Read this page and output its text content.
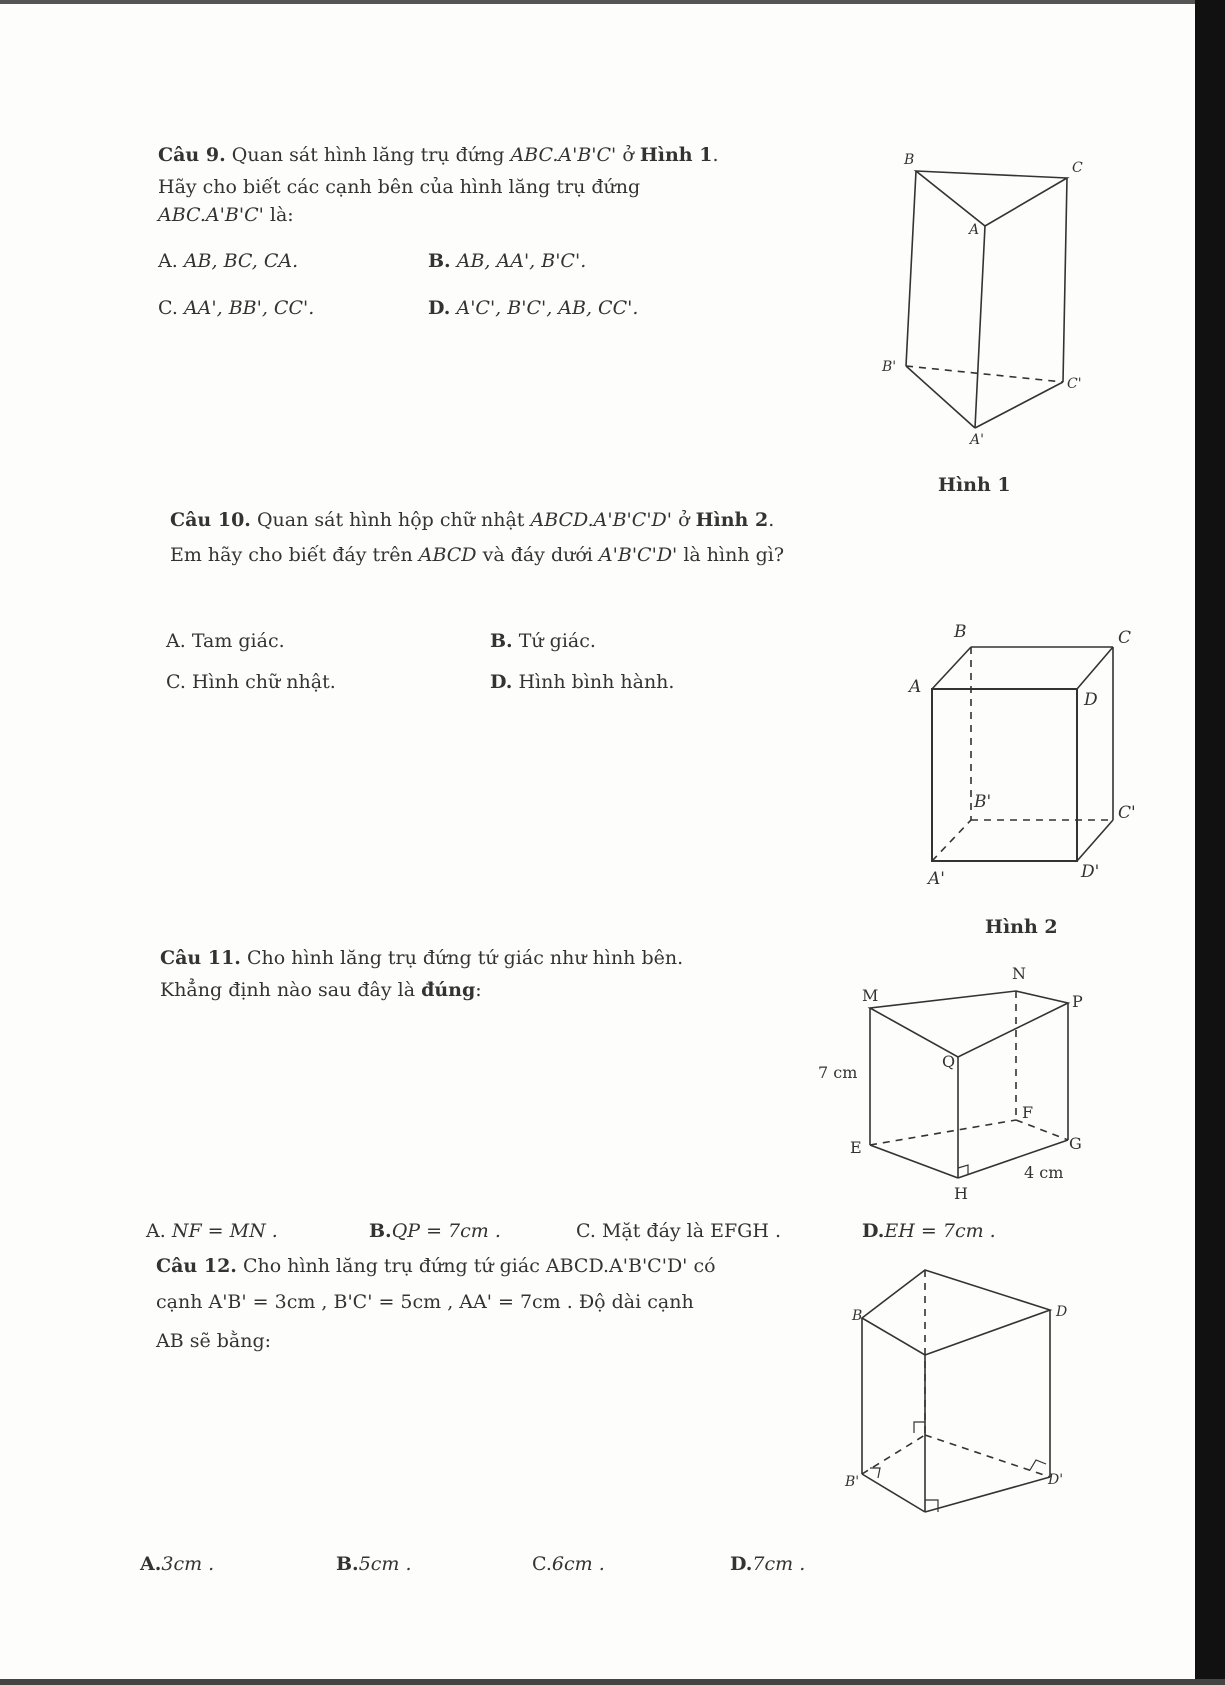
Câu 9. Quan sát hình lăng trụ đứng ABC.A'B'C' ở Hình 1.
Hãy cho biết các cạnh bên của hình lăng trụ đứng
ABC.A'B'C' là:
A. AB, BC, CA.	B. AB, AA', B'C'.
C. AA', BB', CC'.	D. A'C', B'C', AB, CC'.
B	C
A
B'
C'
A'
Hình 1
Câu 10. Quan sát hình hộp chữ nhật ABCD.A'B'C'D' ở Hình 2.
Em hãy cho biết đáy trên ABCD và đáy dưới A'B'C'D' là hình gì?
A. Tam giác.	B. Tứ giác.
C. Hình chữ nhật.	D. Hình bình hành.
B	C
A
D
B'
C'
A'	D'
Hình 2
Câu 11. Cho hình lăng trụ đứng tứ giác như hình bên.
Khẳng định nào sau đây là đúng:	M
N
P
Q
7 cm
F
E	G
4 cm
H
A. NF = MN .	B.QP = 7cm .	C. Mặt đáy là EFGH .	D.EH = 7cm .
Câu 12. Cho hình lăng trụ đứng tứ giác ABCD.A'B'C'D' có
cạnh A'B' = 3cm , B'C' = 5cm , AA' = 7cm . Độ dài cạnh
AB sẽ bằng:
B	D
B'	D'
A.3cm .	B.5cm .	C.6cm .	D.7cm .
